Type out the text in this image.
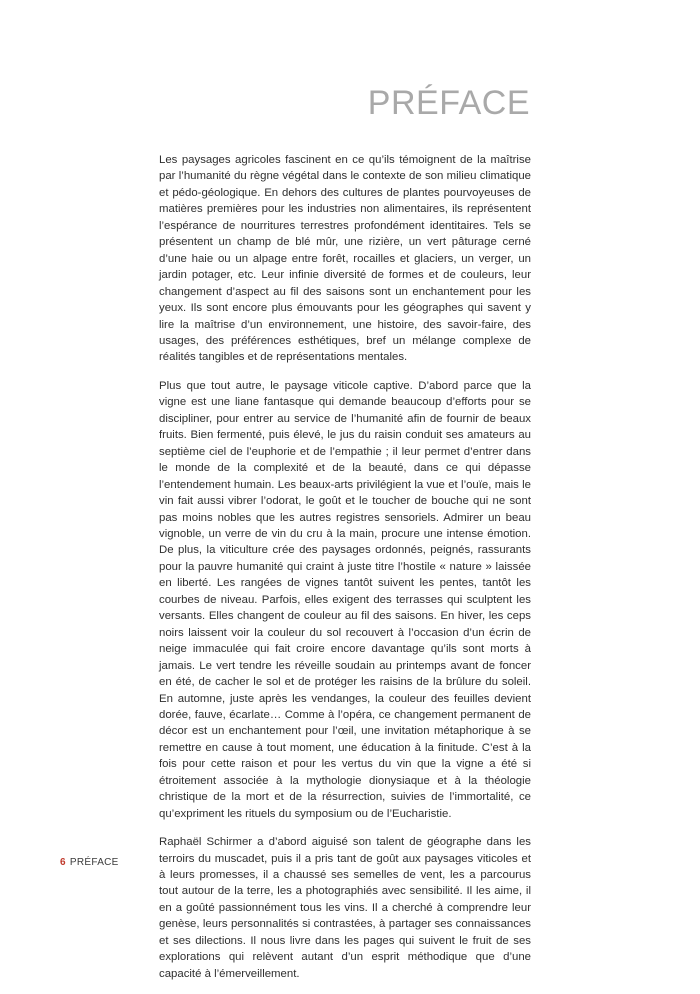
PRÉFACE

Les paysages agricoles fascinent en ce qu’ils témoignent de la maîtrise par l’humanité du règne végétal dans le contexte de son milieu climatique et pédo-géologique. En dehors des cultures de plantes pourvoyeuses de matières premières pour les industries non alimentaires, ils représentent l’espérance de nourritures terrestres profondément identitaires. Tels se présentent un champ de blé mûr, une rizière, un vert pâturage cerné d’une haie ou un alpage entre forêt, rocailles et glaciers, un verger, un jardin potager, etc. Leur infinie diversité de formes et de couleurs, leur changement d’aspect au fil des saisons sont un enchantement pour les yeux. Ils sont encore plus émouvants pour les géographes qui savent y lire la maîtrise d’un environnement, une histoire, des savoir-faire, des usages, des préférences esthétiques, bref un mélange complexe de réalités tangibles et de représentations mentales.

Plus que tout autre, le paysage viticole captive. D’abord parce que la vigne est une liane fantasque qui demande beaucoup d’efforts pour se discipliner, pour entrer au service de l’humanité afin de fournir de beaux fruits. Bien fermenté, puis élevé, le jus du raisin conduit ses amateurs au septième ciel de l’euphorie et de l’empathie ; il leur permet d’entrer dans le monde de la complexité et de la beauté, dans ce qui dépasse l’entendement humain. Les beaux-arts privilégient la vue et l’ouïe, mais le vin fait aussi vibrer l’odorat, le goût et le toucher de bouche qui ne sont pas moins nobles que les autres registres sensoriels. Admirer un beau vignoble, un verre de vin du cru à la main, procure une intense émotion. De plus, la viticulture crée des paysages ordonnés, peignés, rassurants pour la pauvre humanité qui craint à juste titre l’hostile « nature » laissée en liberté. Les rangées de vignes tantôt suivent les pentes, tantôt les courbes de niveau. Parfois, elles exigent des terrasses qui sculptent les versants. Elles changent de couleur au fil des saisons. En hiver, les ceps noirs laissent voir la couleur du sol recouvert à l’occasion d’un écrin de neige immaculée qui fait croire encore davantage qu’ils sont morts à jamais. Le vert tendre les réveille soudain au printemps avant de foncer en été, de cacher le sol et de protéger les raisins de la brûlure du soleil. En automne, juste après les vendanges, la couleur des feuilles devient dorée, fauve, écarlate… Comme à l’opéra, ce changement permanent de décor est un enchantement pour l’œil, une invitation métaphorique à se remettre en cause à tout moment, une éducation à la finitude. C’est à la fois pour cette raison et pour les vertus du vin que la vigne a été si étroitement associée à la mythologie dionysiaque et à la théologie christique de la mort et de la résurrection, suivies de l’immortalité, ce qu’expriment les rituels du symposium ou de l’Eucharistie.

Raphaël Schirmer a d’abord aiguisé son talent de géographe dans les terroirs du muscadet, puis il a pris tant de goût aux paysages viticoles et à leurs promesses, il a chaussé ses semelles de vent, les a parcourus tout autour de la terre, les a photographiés avec sensibilité. Il les aime, il en a goûté passionnément tous les vins. Il a cherché à comprendre leur genèse, leurs personnalités si contrastées, à partager ses connaissances et ses dilections. Il nous livre dans les pages qui suivent le fruit de ses explorations qui relèvent autant d’un esprit méthodique que d’une capacité à l’émerveillement.

6 PRÉFACE
